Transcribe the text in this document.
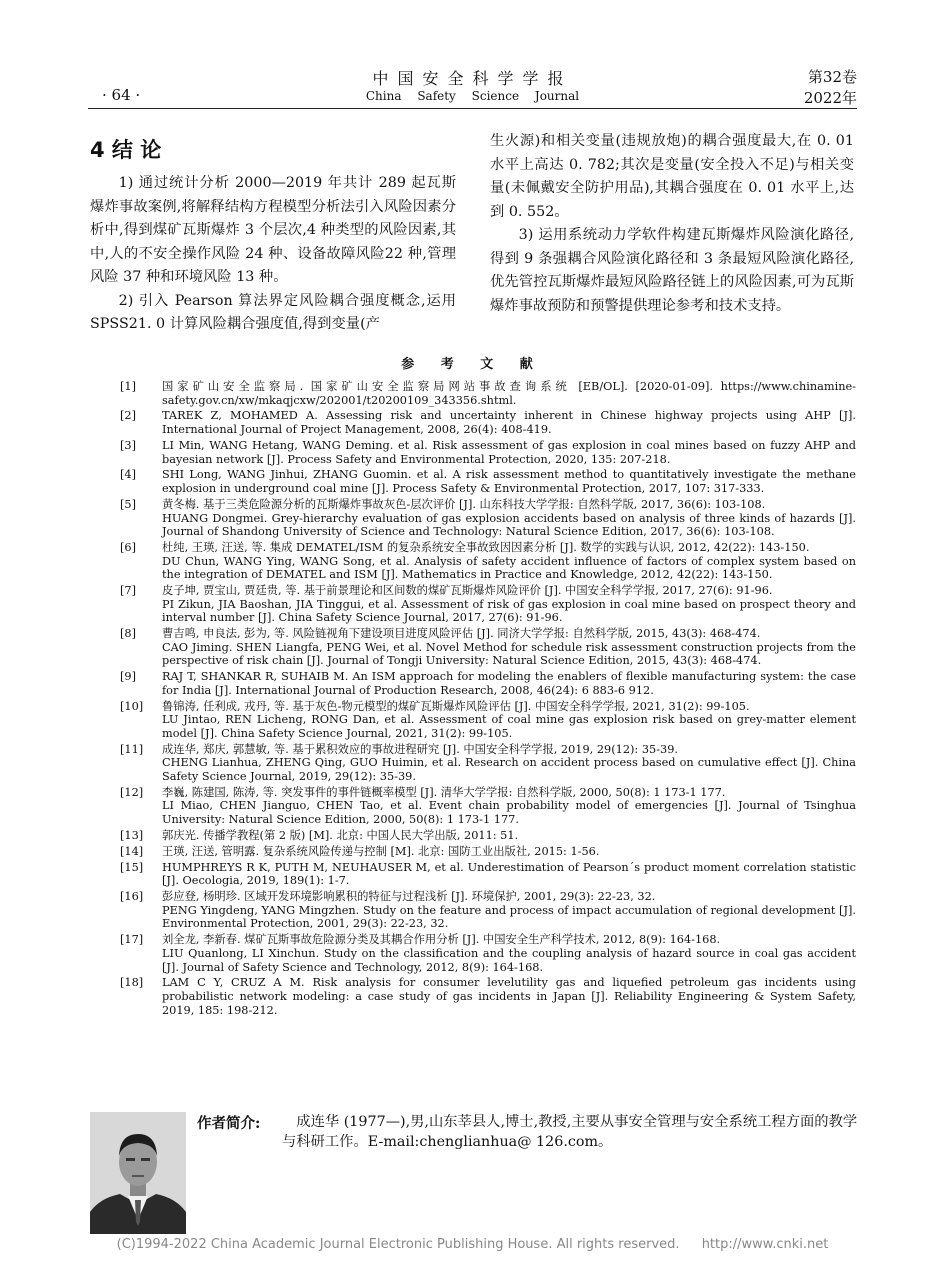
· 64 ·
中国安全科学学报
China Safety Science Journal
第32卷
2022年
4 结 论

1) 通过统计分析 2000—2019 年共计 289 起瓦斯爆炸事故案例,将解释结构方程模型分析法引入风险因素分析中,得到煤矿瓦斯爆炸 3 个层次,4 种类型的风险因素,其中,人的不安全操作风险 24 种、设备故障风险22 种,管理风险 37 种和环境风险 13 种。

2) 引入 Pearson 算法界定风险耦合强度概念,运用 SPSS21. 0 计算风险耦合强度值,得到变量(产

生火源)和相关变量(违规放炮)的耦合强度最大,在 0. 01 水平上高达 0. 782;其次是变量(安全投入不足)与相关变量(未佩戴安全防护用品),其耦合强度在 0. 01 水平上,达到 0. 552。

3) 运用系统动力学软件构建瓦斯爆炸风险演化路径,得到 9 条强耦合风险演化路径和 3 条最短风险演化路径,优先管控瓦斯爆炸最短风险路径链上的风险因素,可为瓦斯爆炸事故预防和预警提供理论参考和技术支持。

参 考 文 献
[1] 国家矿山安全监察局. 国家矿山安全监察局网站事故查询系统 [EB/OL]. [2020-01-09]. https://www.chinamine-safety.gov.cn/xw/mkaqjcxw/202001/t20200109_343356.shtml.
[2] TAREK Z, MOHAMED A. Assessing risk and uncertainty inherent in Chinese highway projects using AHP [J]. International Journal of Project Management, 2008, 26(4): 408-419.
[3] LI Min, WANG Hetang, WANG Deming. et al. Risk assessment of gas explosion in coal mines based on fuzzy AHP and bayesian network [J]. Process Safety and Environmental Protection, 2020, 135: 207-218.
[4] SHI Long, WANG Jinhui, ZHANG Guomin. et al. A risk assessment method to quantitatively investigate the methane explosion in underground coal mine [J]. Process Safety & Environmental Protection, 2017, 107: 317-333.
[5] 黄冬梅. 基于三类危险源分析的瓦斯爆炸事故灰色-层次评价 [J]. 山东科技大学学报: 自然科学版, 2017, 36(6): 103-108.
HUANG Dongmei. Grey-hierarchy evaluation of gas explosion accidents based on analysis of three kinds of hazards [J]. Journal of Shandong University of Science and Technology: Natural Science Edition, 2017, 36(6): 103-108.
[6] 杜纯, 王瑛, 汪送, 等. 集成 DEMATEL/ISM 的复杂系统安全事故致因因素分析 [J]. 数学的实践与认识, 2012, 42(22): 143-150.
DU Chun, WANG Ying, WANG Song, et al. Analysis of safety accident influence of factors of complex system based on the integration of DEMATEL and ISM [J]. Mathematics in Practice and Knowledge, 2012, 42(22): 143-150.
[7] 皮子坤, 贾宝山, 贾廷贵, 等. 基于前景理论和区间数的煤矿瓦斯爆炸风险评价 [J]. 中国安全科学学报, 2017, 27(6): 91-96.
PI Zikun, JIA Baoshan, JIA Tinggui, et al. Assessment of risk of gas explosion in coal mine based on prospect theory and interval number [J]. China Safety Science Journal, 2017, 27(6): 91-96.
[8] 曹吉鸣, 申良法, 彭为, 等. 风险链视角下建设项目进度风险评估 [J]. 同济大学学报: 自然科学版, 2015, 43(3): 468-474.
CAO Jiming. SHEN Liangfa, PENG Wei, et al. Novel Method for schedule risk assessment construction projects from the perspective of risk chain [J]. Journal of Tongji University: Natural Science Edition, 2015, 43(3): 468-474.
[9] RAJ T, SHANKAR R, SUHAIB M. An ISM approach for modeling the enablers of flexible manufacturing system: the case for India [J]. International Journal of Production Research, 2008, 46(24): 6 883-6 912.
[10] 鲁锦涛, 任利成, 戎丹, 等. 基于灰色-物元模型的煤矿瓦斯爆炸风险评估 [J]. 中国安全科学学报, 2021, 31(2): 99-105.
LU Jintao, REN Licheng, RONG Dan, et al. Assessment of coal mine gas explosion risk based on grey-matter element model [J]. China Safety Science Journal, 2021, 31(2): 99-105.
[11] 成连华, 郑庆, 郭慧敏, 等. 基于累积效应的事故进程研究 [J]. 中国安全科学学报, 2019, 29(12): 35-39.
CHENG Lianhua, ZHENG Qing, GUO Huimin, et al. Research on accident process based on cumulative effect [J]. China Safety Science Journal, 2019, 29(12): 35-39.
[12] 李巍, 陈建国, 陈涛, 等. 突发事件的事件链概率模型 [J]. 清华大学学报: 自然科学版, 2000, 50(8): 1 173-1 177.
LI Miao, CHEN Jianguo, CHEN Tao, et al. Event chain probability model of emergencies [J]. Journal of Tsinghua University: Natural Science Edition, 2000, 50(8): 1 173-1 177.
[13] 郭庆光. 传播学教程(第 2 版) [M]. 北京: 中国人民大学出版, 2011: 51.
[14] 王瑛, 汪送, 管明露. 复杂系统风险传递与控制 [M]. 北京: 国防工业出版社, 2015: 1-56.
[15] HUMPHREYS R K, PUTH M, NEUHAUSER M, et al. Underestimation of Pearson´s product moment correlation statistic [J]. Oecologia, 2019, 189(1): 1-7.
[16] 彭应登, 杨明珍. 区域开发环境影响累积的特征与过程浅析 [J]. 环境保护, 2001, 29(3): 22-23, 32.
PENG Yingdeng, YANG Mingzhen. Study on the feature and process of impact accumulation of regional development [J]. Environmental Protection, 2001, 29(3): 22-23, 32.
[17] 刘全龙, 李新春. 煤矿瓦斯事故危险源分类及其耦合作用分析 [J]. 中国安全生产科学技术, 2012, 8(9): 164-168.
LIU Quanlong, LI Xinchun. Study on the classification and the coupling analysis of hazard source in coal gas accident [J]. Journal of Safety Science and Technology, 2012, 8(9): 164-168.
[18] LAM C Y, CRUZ A M. Risk analysis for consumer levelutility gas and liquefied petroleum gas incidents using probabilistic network modeling: a case study of gas incidents in Japan [J]. Reliability Engineering & System Safety, 2019, 185: 198-212.
作者简介:	成连华 (1977—),男,山东莘县人,博士,教授,主要从事安全管理与安全系统工程方面的教学与科研工作。E-mail:chenglianhua@ 126.com。
(C)1994-2022 China Academic Journal Electronic Publishing House. All rights reserved. http://www.cnki.net
